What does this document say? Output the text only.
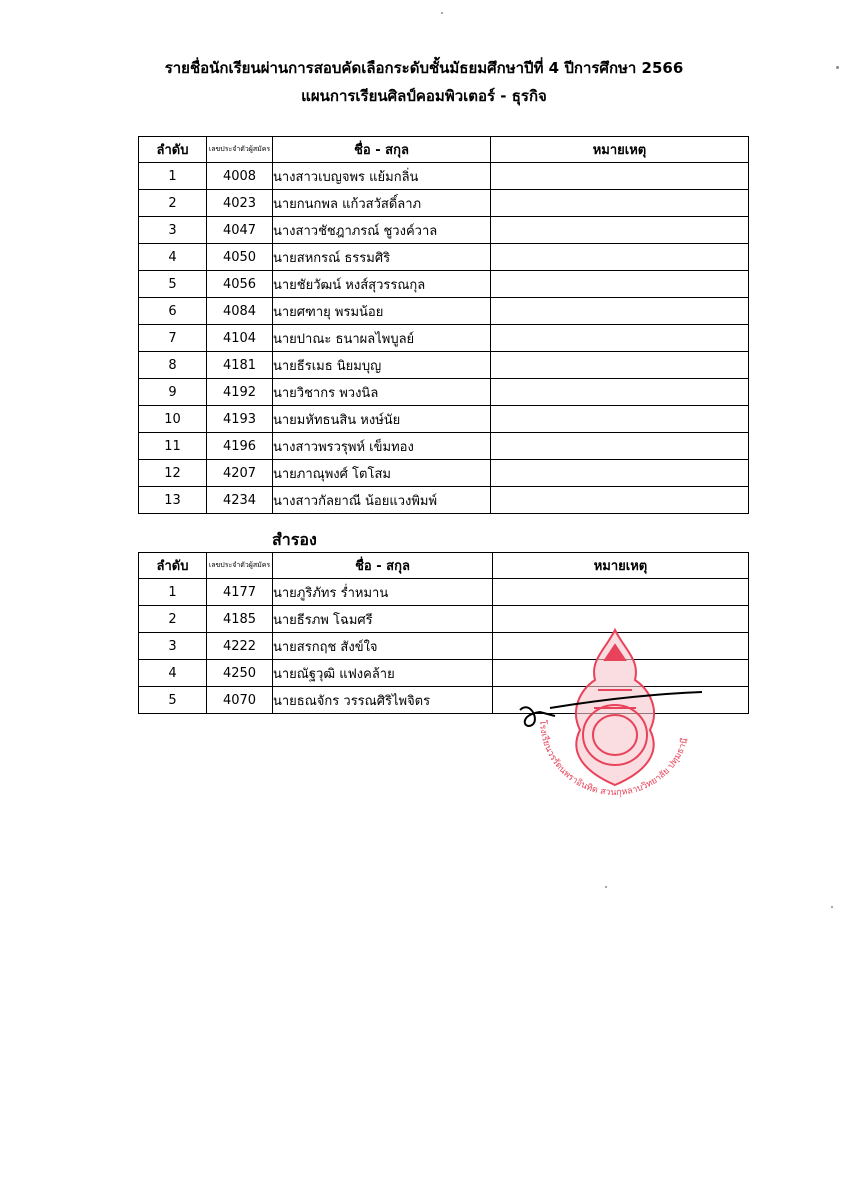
รายชื่อนักเรียนผ่านการสอบคัดเลือกระดับชั้นมัธยมศึกษาปีที่ 4 ปีการศึกษา 2566
แผนการเรียนศิลป์คอมพิวเตอร์ - ธุรกิจ
ลำดับ	เลขประจำตัวผู้สมัคร	ชื่อ - สกุล	หมายเหตุ
1	4008	นางสาวเบญจพร แย้มกลิ่น	
2	4023	นายกนกพล แก้วสวัสดิ์ลาภ	
3	4047	นางสาวชัชฎาภรณ์ ชูวงค์วาล	
4	4050	นายสหกรณ์ ธรรมศิริ	
5	4056	นายชัยวัฒน์ หงส์สุวรรณกุล	
6	4084	นายศฑายุ พรมน้อย	
7	4104	นายปาณะ ธนาผลไพบูลย์	
8	4181	นายธีรเมธ นิยมบุญ	
9	4192	นายวิชากร พวงนิล	
10	4193	นายมหัทธนสิน หงษ์นัย	
11	4196	นางสาวพรวรุพห์ เข็มทอง	
12	4207	นายภาณุพงศ์ โตโสม	
13	4234	นางสาวกัลยาณี น้อยแวงพิมพ์	
สำรอง
ลำดับ	เลขประจำตัวผู้สมัคร	ชื่อ - สกุล	หมายเหตุ
1	4177	นายภูริภัทร ร่ำหมาน	
2	4185	นายธีรภพ โฉมศรี	
3	4222	นายสรกฤช สังข์ใจ	
4	4250	นายณัฐวุฒิ แฟงคล้าย	
5	4070	นายธณจักร วรรณศิริไพจิตร	
โรงเรียนวรรัตนพราอินทิต สวนกุหลาบวิทยาลัย ปทุมธานี
